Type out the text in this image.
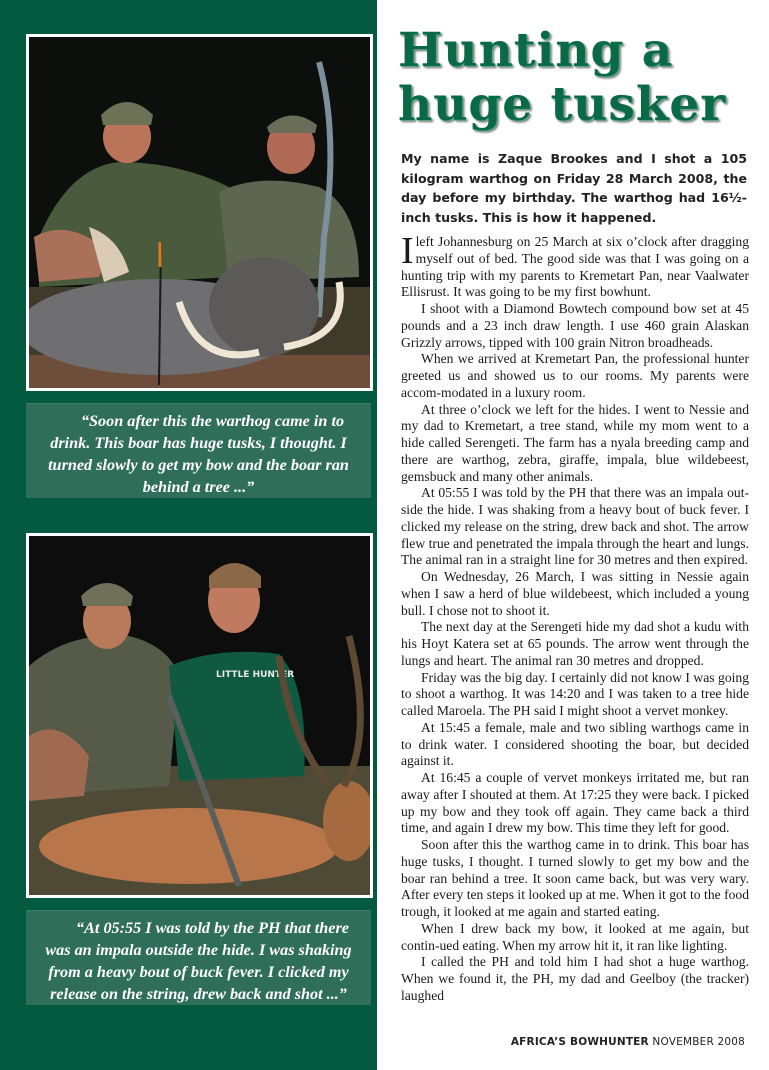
“Soon after this the warthog came in to drink. This boar has huge tusks, I thought. I turned slowly to get my bow and the boar ran behind a tree ...”
LITTLE HUNTER
“At 05:55 I was told by the PH that there was an impala outside the hide. I was shaking from a heavy bout of buck fever. I clicked my release on the string, drew back and shot ...”
Hunting a
huge tusker

My name is Zaque Brookes and I shot a 105 kilogram warthog on Friday 28 March 2008, the day before my birthday. The warthog had 16½-inch tusks. This is how it happened.

Ileft Johannesburg on 25 March at six o’clock after dragging myself out of bed. The good side was that I was going on a hunting trip with my parents to Kremetart Pan, near Vaalwater Ellisrust. It was going to be my first bowhunt.

I shoot with a Diamond Bowtech compound bow set at 45 pounds and a 23 inch draw length. I use 460 grain Alaskan Grizzly arrows, tipped with 100 grain Nitron broadheads.

When we arrived at Kremetart Pan, the professional hunter greeted us and showed us to our rooms. My parents were accom-modated in a luxury room.

At three o’clock we left for the hides. I went to Nessie and my dad to Kremetart, a tree stand, while my mom went to a hide called Serengeti. The farm has a nyala breeding camp and there are warthog, zebra, giraffe, impala, blue wildebeest, gemsbuck and many other animals.

At 05:55 I was told by the PH that there was an impala out-side the hide. I was shaking from a heavy bout of buck fever. I clicked my release on the string, drew back and shot. The arrow flew true and penetrated the impala through the heart and lungs. The animal ran in a straight line for 30 metres and then expired.

On Wednesday, 26 March, I was sitting in Nessie again when I saw a herd of blue wildebeest, which included a young bull. I chose not to shoot it.

The next day at the Serengeti hide my dad shot a kudu with his Hoyt Katera set at 65 pounds. The arrow went through the lungs and heart. The animal ran 30 metres and dropped.

Friday was the big day. I certainly did not know I was going to shoot a warthog. It was 14:20 and I was taken to a tree hide called Maroela. The PH said I might shoot a vervet monkey.

At 15:45 a female, male and two sibling warthogs came in to drink water. I considered shooting the boar, but decided against it.

At 16:45 a couple of vervet monkeys irritated me, but ran away after I shouted at them. At 17:25 they were back. I picked up my bow and they took off again. They came back a third time, and again I drew my bow. This time they left for good.

Soon after this the warthog came in to drink. This boar has huge tusks, I thought. I turned slowly to get my bow and the boar ran behind a tree. It soon came back, but was very wary. After every ten steps it looked up at me. When it got to the food trough, it looked at me again and started eating.

When I drew back my bow, it looked at me again, but contin-ued eating. When my arrow hit it, it ran like lighting.

I called the PH and told him I had shot a huge warthog. When we found it, the PH, my dad and Geelboy (the tracker) laughed

AFRICA’S BOWHUNTER NOVEMBER 2008
